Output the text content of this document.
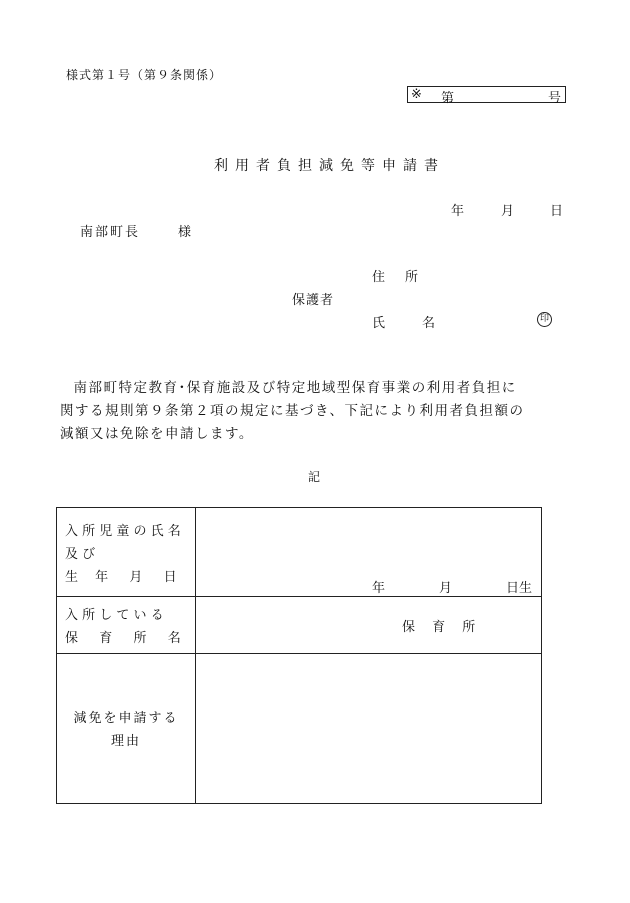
様式第１号（第９条関係）
※ 第	号
利用者負担減免等申請書
年	月	日
南部町長	様
住 所
保護者
氏	名	印

南部町特定教育･保育施設及び特定地域型保育事業の利用者負担に

関する規則第９条第２項の規定に基づき、下記により利用者負担額の

減額又は免除を申請します。

記
入 所 児 童 の 氏 名
及 び
生　 年 　 月 　 日	年 月 日生

入 所 し て い る
保 　 育 　 所 　 名	保　 育　 所

減免を申請する
理由	
